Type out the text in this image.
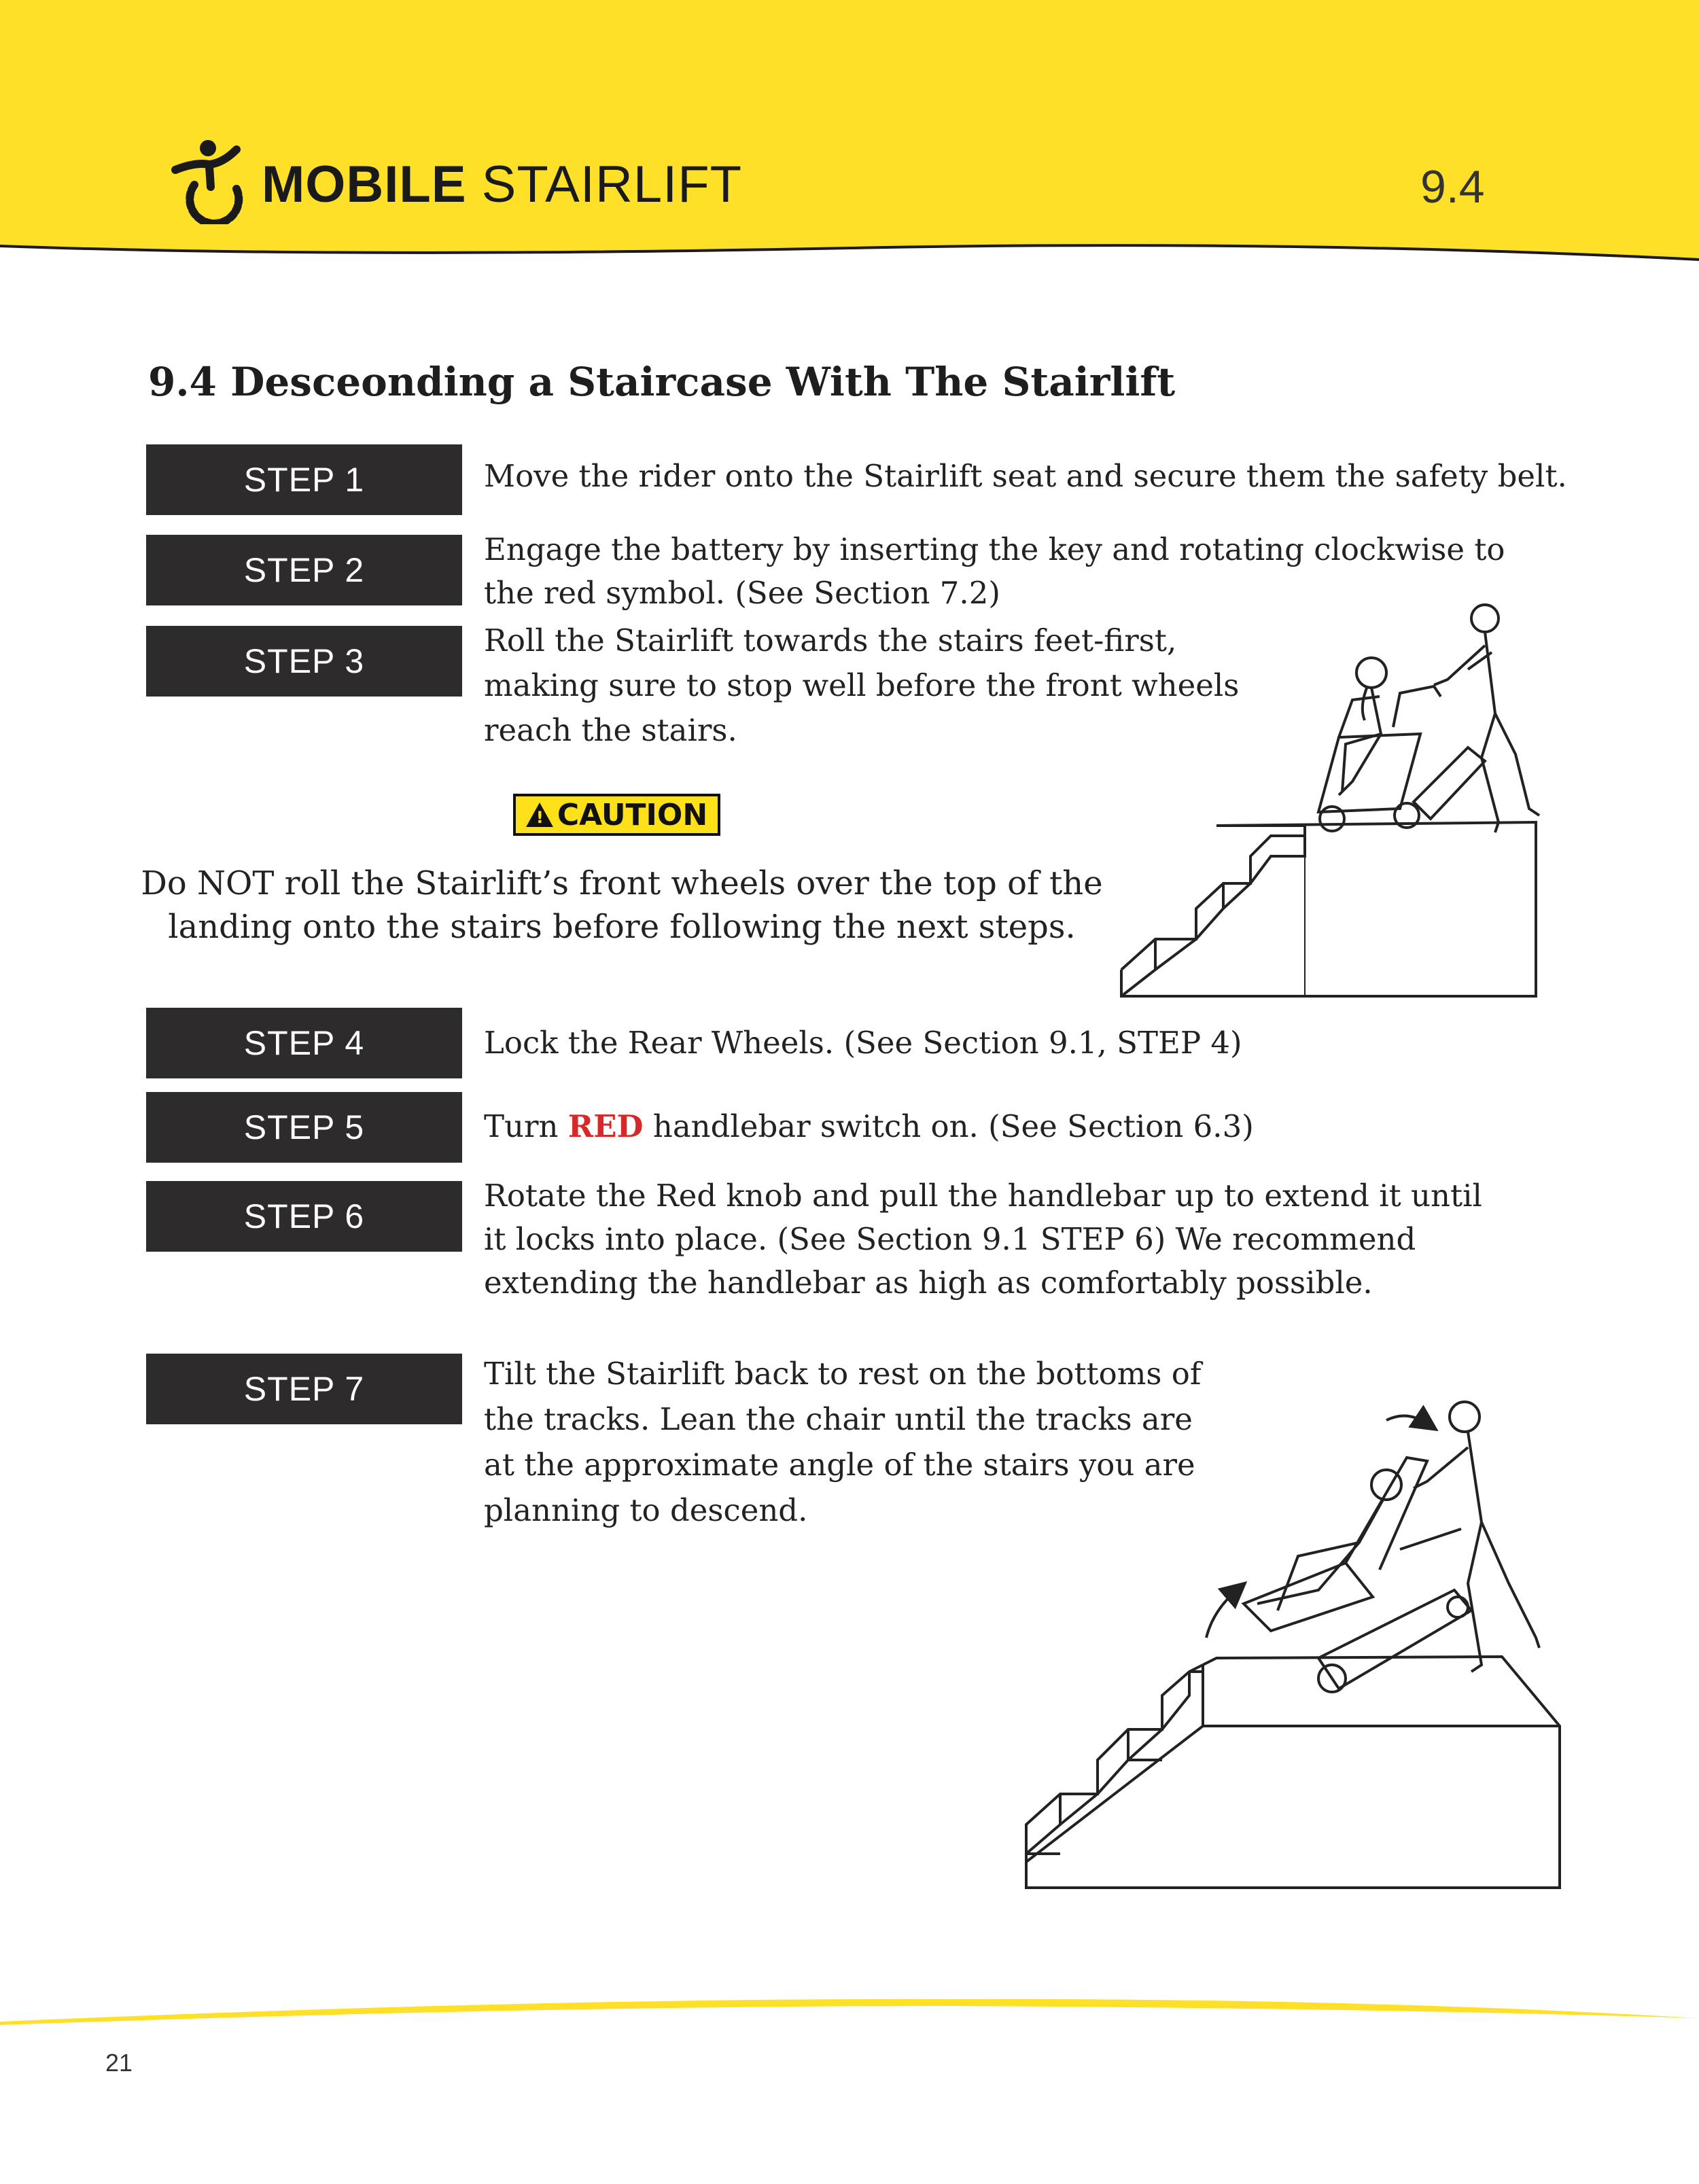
MOBILE STAIRLIFT	9.4
9.4 Desceonding a Staircase With The Stairlift
STEP 1
STEP 2
STEP 3
STEP 4
STEP 5
STEP 6
STEP 7
Move the rider onto the Stairlift seat and secure them the safety belt.
Engage the battery by inserting the key and rotating clockwise to
the red symbol. (See Section 7.2)
Roll the Stairlift towards the stairs feet-first,
making sure to stop well before the front wheels
reach the stairs.
Lock the Rear Wheels. (See Section 9.1, STEP 4)
Turn RED handlebar switch on. (See Section 6.3)
Rotate the Red knob and pull the handlebar up to extend it until
it locks into place. (See Section 9.1 STEP 6) We recommend
extending the handlebar as high as comfortably possible.
Tilt the Stairlift back to rest on the bottoms of
the tracks. Lean the chair until the tracks are
at the approximate angle of the stairs you are
planning to descend.
! CAUTION
Do NOT roll the Stairlift’s front wheels over the top of the
landing onto the stairs before following the next steps.
21
